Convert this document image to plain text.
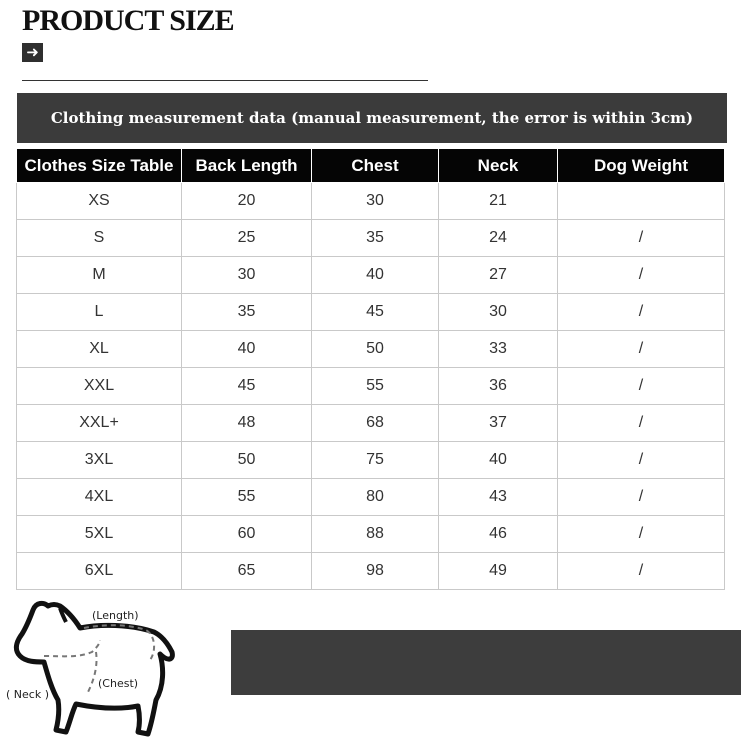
PRODUCT SIZE
➜
Clothing measurement data (manual measurement, the error is within 3cm)
Clothes Size Table	Back Length	Chest	Neck	Dog Weight
XS	20	30	21	
S	25	35	24	/
M	30	40	27	/
L	35	45	30	/
XL	40	50	33	/
XXL	45	55	36	/
XXL+	48	68	37	/
3XL	50	75	40	/
4XL	55	80	43	/
5XL	60	88	46	/
6XL	65	98	49	/
(Length)
(Chest)
( Neck )
